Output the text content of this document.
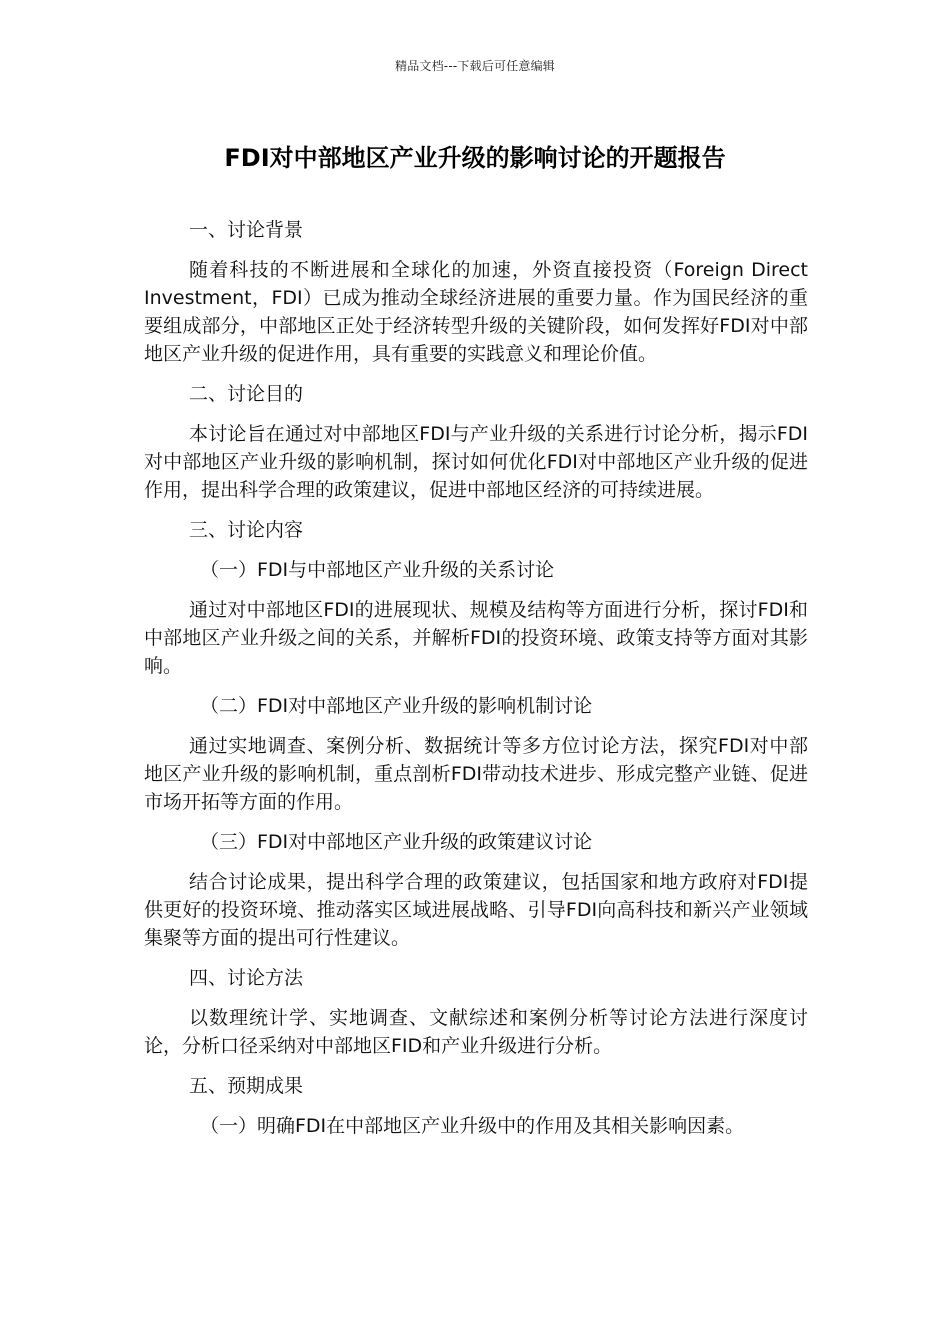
精品文档---下载后可任意编辑
FDI对中部地区产业升级的影响讨论的开题报告

一、讨论背景

随着科技的不断进展和全球化的加速，外资直接投资（Foreign Direct Investment，FDI）已成为推动全球经济进展的重要力量。作为国民经济的重要组成部分，中部地区正处于经济转型升级的关键阶段，如何发挥好FDI对中部地区产业升级的促进作用，具有重要的实践意义和理论价值。

二、讨论目的

本讨论旨在通过对中部地区FDI与产业升级的关系进行讨论分析，揭示FDI对中部地区产业升级的影响机制，探讨如何优化FDI对中部地区产业升级的促进作用，提出科学合理的政策建议，促进中部地区经济的可持续进展。

三、讨论内容

（一）FDI与中部地区产业升级的关系讨论

通过对中部地区FDI的进展现状、规模及结构等方面进行分析，探讨FDI和中部地区产业升级之间的关系，并解析FDI的投资环境、政策支持等方面对其影响。

（二）FDI对中部地区产业升级的影响机制讨论

通过实地调查、案例分析、数据统计等多方位讨论方法，探究FDI对中部地区产业升级的影响机制，重点剖析FDI带动技术进步、形成完整产业链、促进市场开拓等方面的作用。

（三）FDI对中部地区产业升级的政策建议讨论

结合讨论成果，提出科学合理的政策建议，包括国家和地方政府对FDI提供更好的投资环境、推动落实区域进展战略、引导FDI向高科技和新兴产业领域集聚等方面的提出可行性建议。

四、讨论方法

以数理统计学、实地调查、文献综述和案例分析等讨论方法进行深度讨论，分析口径采纳对中部地区FID和产业升级进行分析。

五、预期成果

（一）明确FDI在中部地区产业升级中的作用及其相关影响因素。
